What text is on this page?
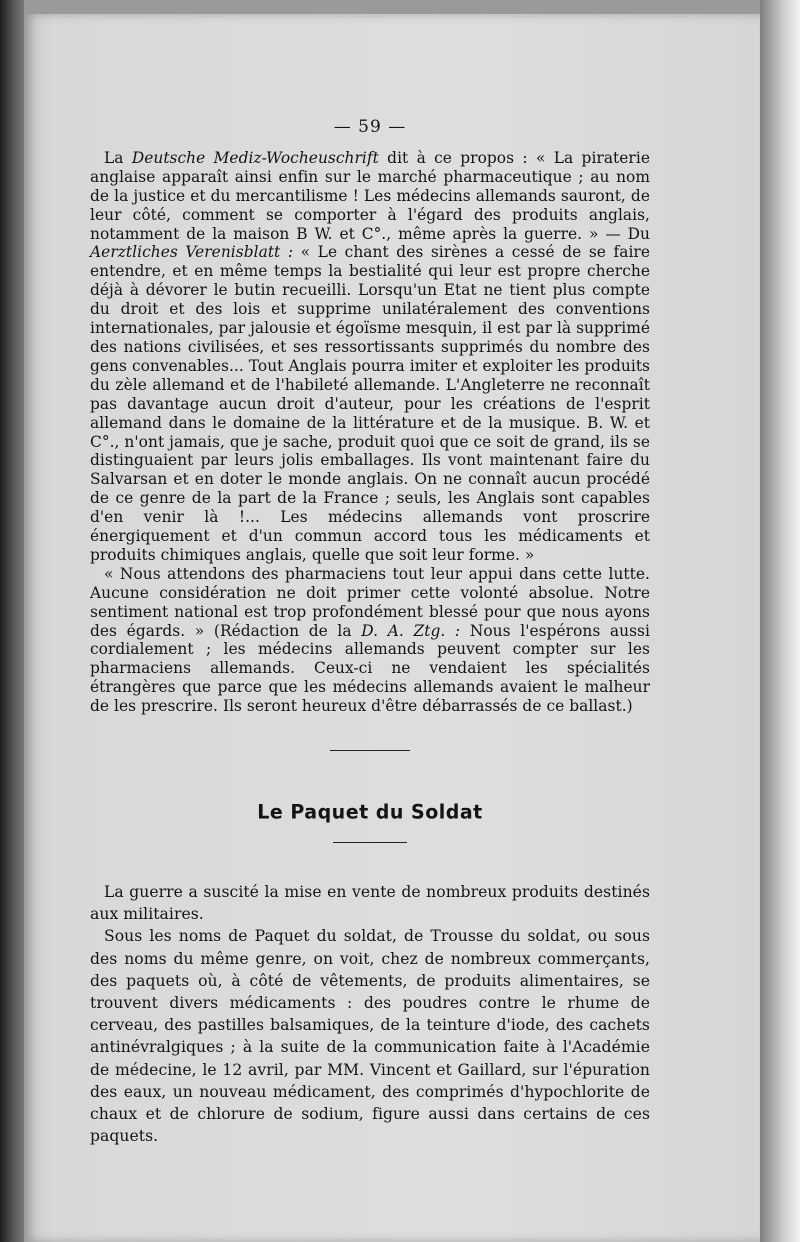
— 59 —

La Deutsche Mediz-Wocheuschrift dit à ce propos : « La piraterie anglaise apparaît ainsi enfin sur le marché pharmaceutique ; au nom de la justice et du mercantilisme ! Les médecins allemands sauront, de leur côté, comment se comporter à l'égard des produits anglais, notamment de la maison B W. et C°., même après la guerre. » — Du Aerztliches Verenisblatt : « Le chant des sirènes a cessé de se faire entendre, et en même temps la bestialité qui leur est propre cherche déjà à dévorer le butin recueilli. Lorsqu'un Etat ne tient plus compte du droit et des lois et supprime unilatéralement des conventions internationales, par jalousie et égoïsme mesquin, il est par là supprimé des nations civilisées, et ses ressortissants supprimés du nombre des gens convenables... Tout Anglais pourra imiter et exploiter les produits du zèle allemand et de l'habileté allemande. L'Angleterre ne reconnaît pas davantage aucun droit d'auteur, pour les créations de l'esprit allemand dans le domaine de la littérature et de la musique. B. W. et C°., n'ont jamais, que je sache, produit quoi que ce soit de grand, ils se distinguaient par leurs jolis emballages. Ils vont maintenant faire du Salvarsan et en doter le monde anglais. On ne connaît aucun procédé de ce genre de la part de la France ; seuls, les Anglais sont capables d'en venir là !... Les médecins allemands vont proscrire énergiquement et d'un commun accord tous les médicaments et produits chimiques anglais, quelle que soit leur forme. »

« Nous attendons des pharmaciens tout leur appui dans cette lutte. Aucune considération ne doit primer cette volonté absolue. Notre sentiment national est trop profondément blessé pour que nous ayons des égards. » (Rédaction de la D. A. Ztg. : Nous l'espérons aussi cordialement ; les médecins allemands peuvent compter sur les pharmaciens allemands. Ceux-ci ne vendaient les spécialités étrangères que parce que les médecins allemands avaient le malheur de les prescrire. Ils seront heureux d'être débarrassés de ce ballast.)

Le Paquet du Soldat

La guerre a suscité la mise en vente de nombreux produits destinés aux militaires.

Sous les noms de Paquet du soldat, de Trousse du soldat, ou sous des noms du même genre, on voit, chez de nombreux commerçants, des paquets où, à côté de vêtements, de produits alimentaires, se trouvent divers médicaments : des poudres contre le rhume de cerveau, des pastilles balsamiques, de la teinture d'iode, des cachets antinévralgiques ; à la suite de la communication faite à l'Académie de médecine, le 12 avril, par MM. Vincent et Gaillard, sur l'épuration des eaux, un nouveau médicament, des comprimés d'hypochlorite de chaux et de chlorure de sodium, figure aussi dans certains de ces paquets.
